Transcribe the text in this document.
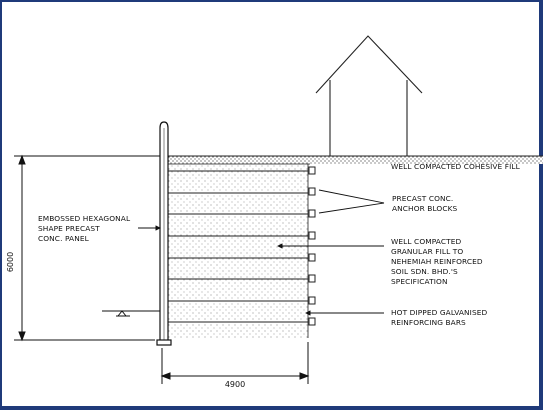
6000
4900
WELL COMPACTED COHESIVE FILL
PRECAST CONC.
ANCHOR BLOCKS
WELL COMPACTED
GRANULAR FILL TO
NEHEMIAH REINFORCED
SOIL SDN. BHD.'S
SPECIFICATION
HOT DIPPED GALVANISED
REINFORCING BARS
EMBOSSED HEXAGONAL
SHAPE PRECAST
CONC. PANEL
